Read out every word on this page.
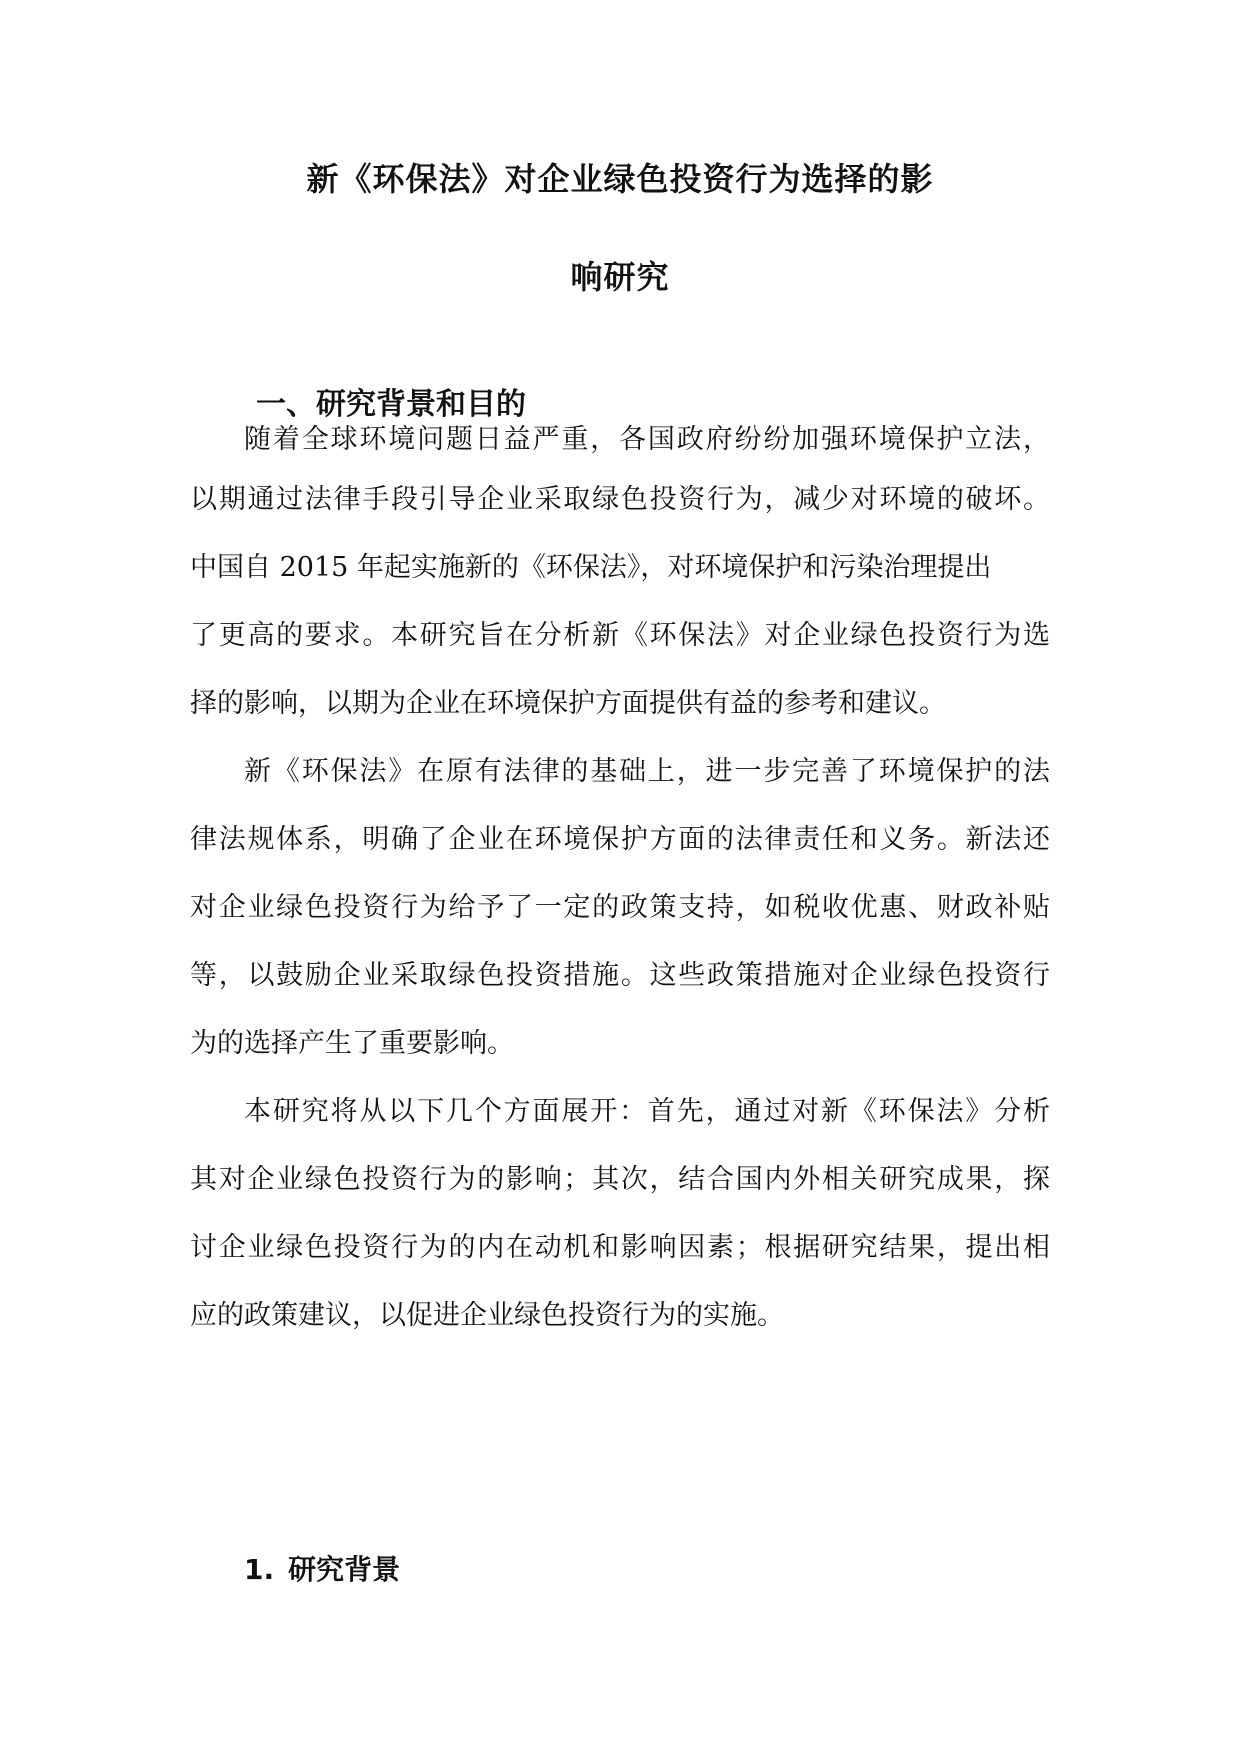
新《环保法》对企业绿色投资行为选择的影
响研究
一、研究背景和目的

随着全球环境问题日益严重，各国政府纷纷加强环境保护立法，

以期通过法律手段引导企业采取绿色投资行为，减少对环境的破坏。

中国自 2015 年起实施新的《环保法》，对环境保护和污染治理提出

了更高的要求。本研究旨在分析新《环保法》对企业绿色投资行为选

择的影响，以期为企业在环境保护方面提供有益的参考和建议。

新《环保法》在原有法律的基础上，进一步完善了环境保护的法

律法规体系，明确了企业在环境保护方面的法律责任和义务。新法还

对企业绿色投资行为给予了一定的政策支持，如税收优惠、财政补贴

等，以鼓励企业采取绿色投资措施。这些政策措施对企业绿色投资行

为的选择产生了重要影响。

本研究将从以下几个方面展开：首先，通过对新《环保法》分析

其对企业绿色投资行为的影响；其次，结合国内外相关研究成果，探

讨企业绿色投资行为的内在动机和影响因素；根据研究结果，提出相

应的政策建议，以促进企业绿色投资行为的实施。

1. 研究背景
